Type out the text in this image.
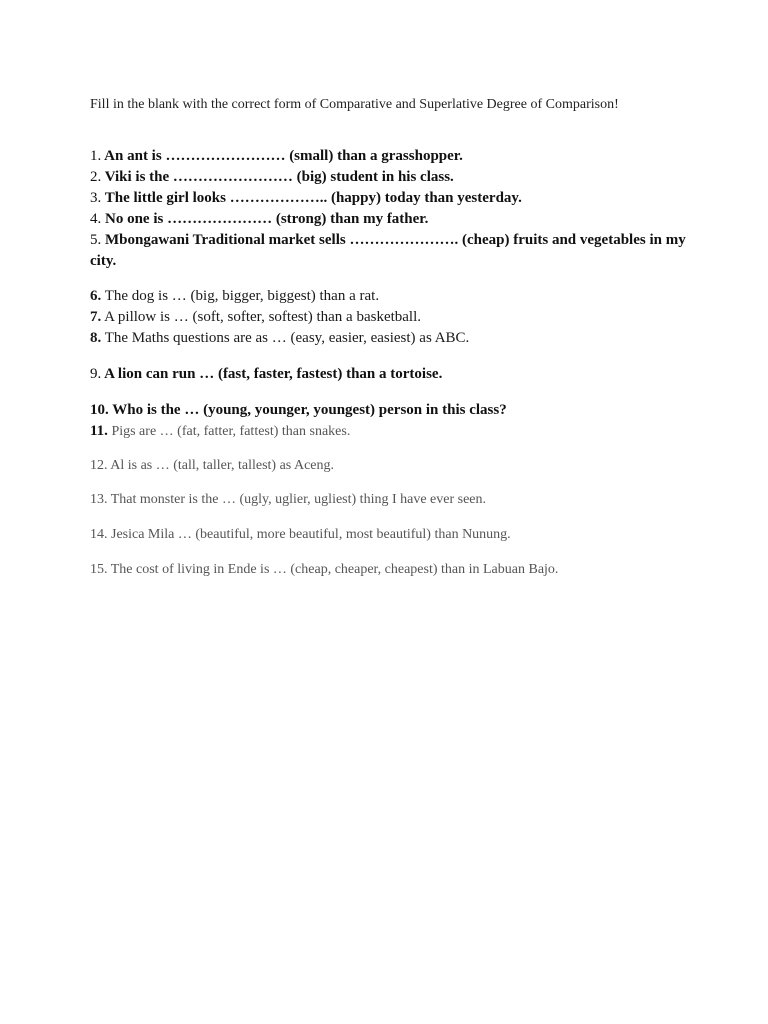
Fill in the blank with the correct form of Comparative and Superlative Degree of Comparison!

1. An ant is …………………… (small) than a grasshopper.

2. Viki is the …………………… (big) student in his class.

3. The little girl looks ……………….. (happy) today than yesterday.

4. No one is ………………… (strong) than my father.

5. Mbongawani Traditional market sells …………………. (cheap) fruits and vegetables in my city.

6. The dog is … (big, bigger, biggest) than a rat.

7. A pillow is … (soft, softer, softest) than a basketball.

8. The Maths questions are as … (easy, easier, easiest) as ABC.

9. A lion can run … (fast, faster, fastest) than a tortoise.

10. Who is the … (young, younger, youngest) person in this class?

11. Pigs are … (fat, fatter, fattest) than snakes.
12. Al is as … (tall, taller, tallest) as Aceng.
13. That monster is the … (ugly, uglier, ugliest) thing I have ever seen.
14. Jesica Mila … (beautiful, more beautiful, most beautiful) than Nunung.
15. The cost of living in Ende is … (cheap, cheaper, cheapest) than in Labuan Bajo.
